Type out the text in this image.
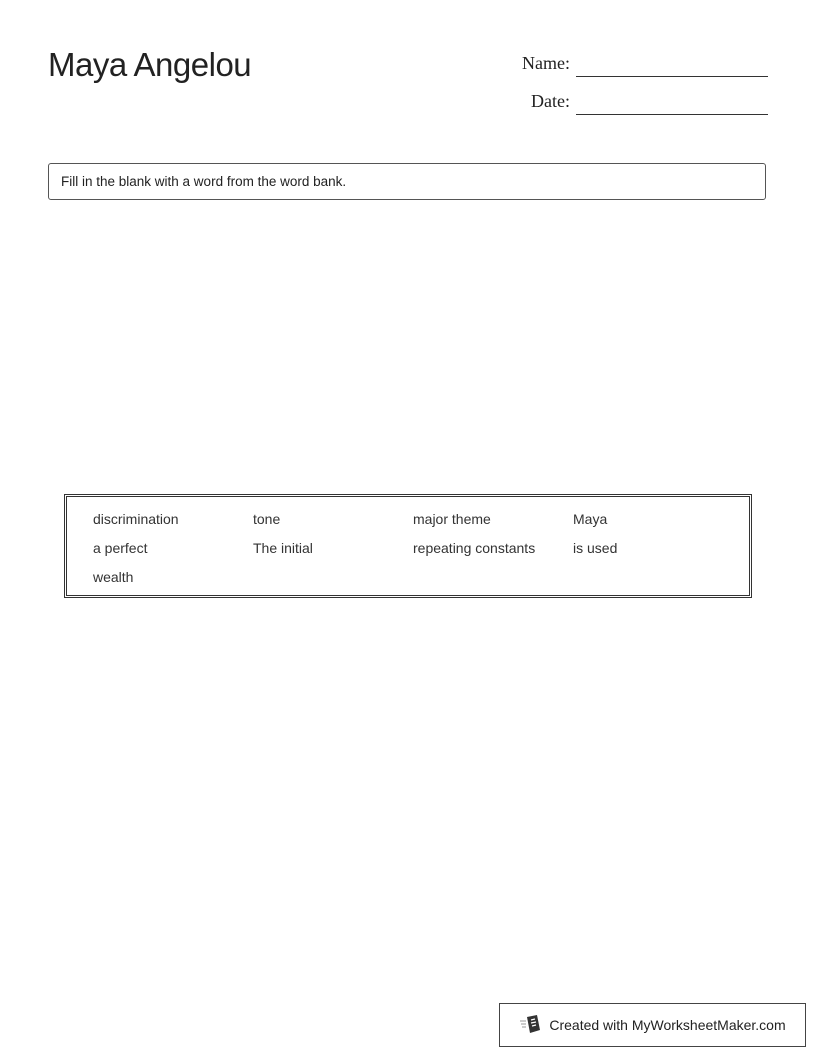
Maya Angelou	Name:
Date:
Fill in the blank with a word from the word bank.
discrimination	tone	major theme	Maya
a perfect	The initial	repeating constants	is used
wealth
Created with MyWorksheetMaker.com
